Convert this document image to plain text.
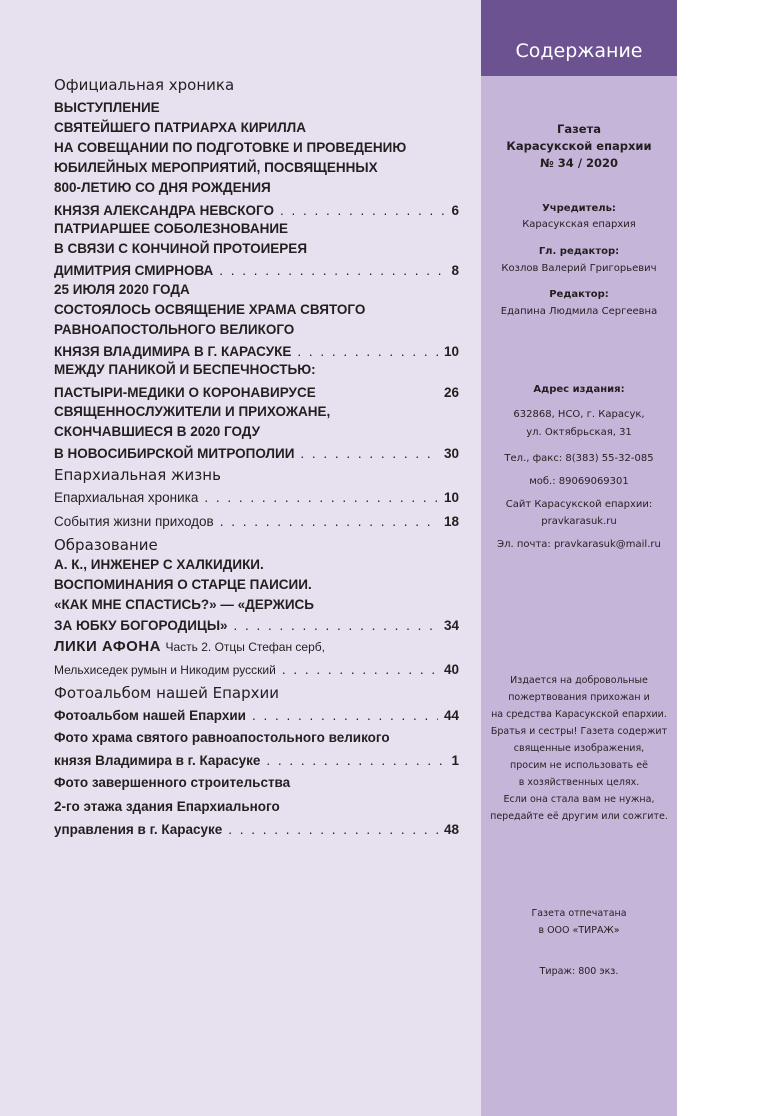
Содержание
Газета
Карасукской епархии
№ 34 / 2020
Учредитель:
Карасукская епархия
Гл. редактор:
Козлов Валерий Григорьевич
Редактор:
Едапина Людмила Сергеевна
Адрес издания:
632868, НСО, г. Карасук,
ул. Октябрьская, 31
Тел., факс: 8(383) 55-32-085
моб.: 89069069301
Сайт Карасукской епархии:
pravkarasuk.ru
Эл. почта: pravkarasuk@mail.ru
Издается на добровольные
пожертвования прихожан и
на средства Карасукской епархии.
Братья и сестры! Газета содержит
священные изображения,
просим не использовать её
в хозяйственных целях.
Если она стала вам не нужна,
передайте её другим или сожгите.
Газета отпечатана
в ООО «ТИРАЖ»
Тираж: 800 экз.
Официальная хроника
ВЫСТУПЛЕНИЕ
СВЯТЕЙШЕГО ПАТРИАРХА КИРИЛЛА
НА СОВЕЩАНИИ ПО ПОДГОТОВКЕ И ПРОВЕДЕНИЮ
ЮБИЛЕЙНЫХ МЕРОПРИЯТИЙ, ПОСВЯЩЕННЫХ
800-ЛЕТИЮ СО ДНЯ РОЖДЕНИЯ
КНЯЗЯ АЛЕКСАНДРА НЕВСКОГО . . .	6
ПАТРИАРШЕЕ СОБОЛЕЗНОВАНИЕ
В СВЯЗИ С КОНЧИНОЙ ПРОТОИЕРЕЯ
ДИМИТРИЯ СМИРНОВА . . .	8
25 ИЮЛЯ 2020 ГОДА
СОСТОЯЛОСЬ ОСВЯЩЕНИЕ ХРАМА СВЯТОГО
РАВНОАПОСТОЛЬНОГО ВЕЛИКОГО
КНЯЗЯ ВЛАДИМИРА В Г. КАРАСУКЕ . . .	10
МЕЖДУ ПАНИКОЙ И БЕСПЕЧНОСТЬЮ:
ПАСТЫРИ-МЕДИКИ О КОРОНАВИРУСЕ	26
СВЯЩЕННОСЛУЖИТЕЛИ И ПРИХОЖАНЕ,
СКОНЧАВШИЕСЯ В 2020 ГОДУ
В НОВОСИБИРСКОЙ МИТРОПОЛИИ . . .	30
Епархиальная жизнь
Епархиальная хроника . . .	10
События жизни приходов . . .	18
Образование
А. К., ИНЖЕНЕР С ХАЛКИДИКИ.
ВОСПОМИНАНИЯ О СТАРЦЕ ПАИСИИ.
«КАК МНЕ СПАСТИСЬ?» — «ДЕРЖИСЬ
ЗА ЮБКУ БОГОРОДИЦЫ» . . .	34
ЛИКИ АФОНА Часть 2. Отцы Стефан серб,
Мельхиседек румын и Никодим русский . . .	40
Фотоальбом нашей Епархии
Фотоальбом нашей Епархии . . .	44
Фото храма святого равноапостольного великого
князя Владимира в г. Карасуке . . .	1
Фото завершенного строительства
2-го этажа здания Епархиального
управления в г. Карасуке . . .	48
